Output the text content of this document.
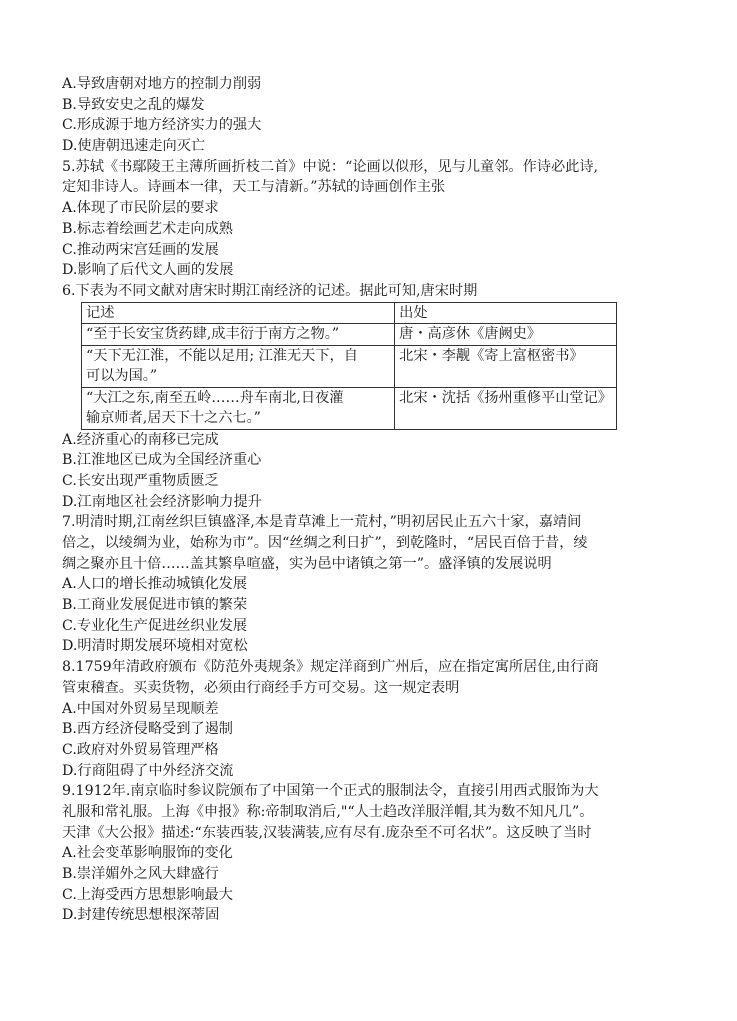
A.导致唐朝对地方的控制力削弱
B.导致安史之乱的爆发
C.形成源于地方经济实力的强大
D.使唐朝迅速走向灭亡
5.苏轼《书鄢陵王主薄所画折枝二首》中说：“论画以似形，见与儿童邻。作诗必此诗,
定知非诗人。诗画本一律，天工与清新。”苏轼的诗画创作主张
A.体现了市民阶层的要求
B.标志着绘画艺术走向成熟
C.推动两宋宫廷画的发展
D.影响了后代文人画的发展
6.下表为不同文献对唐宋时期江南经济的记述。据此可知,唐宋时期
记述	出处

“至于长安宝货药肆,成丰衍于南方之物。”	唐・高彦休《唐阙史》

“天下无江淮，不能以足用; 江淮无天下，自
可以为国。”	北宋・李觏《寄上富枢密书》

“大江之东,南至五岭……舟车南北,日夜灌
输京师者,居天下十之六七。”	北宋・沈括《扬州重修平山堂记》
A.经济重心的南移已完成
B.江淮地区已成为全国经济重心
C.长安出现严重物质匮乏
D.江南地区社会经济影响力提升
7.明清时期,江南丝织巨镇盛泽,本是青草滩上一荒村，”明初居民止五六十家，嘉靖间
倍之，以绫绸为业，始称为市”。因“丝绸之利日扩”，到乾隆时，“居民百倍于昔，绫
绸之聚亦且十倍……盖其繁阜喧盛，实为邑中诸镇之第一”。盛泽镇的发展说明
A.人口的增长推动城镇化发展
B.工商业发展促进市镇的繁荣
C.专业化生产促进丝织业发展
D.明清时期发展环境相对宽松
8.1759年清政府颁布《防范外夷规条》规定洋商到广州后，应在指定寓所居住,由行商
管束稽查。买卖货物，必须由行商经手方可交易。这一规定表明
A.中国对外贸易呈现顺差
B.西方经济侵略受到了遏制
C.政府对外贸易管理严格
D.行商阻碍了中外经济交流
9.1912年.南京临时参议院颁布了中国第一个正式的服制法令，直接引用西式服饰为大
礼服和常礼服。上海《申报》称:帝制取消后,"“人士趋改洋服洋帽,其为数不知凡几”。
天津《大公报》描述:“东装西装,汉装满装,应有尽有.庞杂至不可名状”。这反映了当时
A.社会变革影响服饰的变化
B.崇洋媚外之风大肆盛行
C.上海受西方思想影响最大
D.封建传统思想根深蒂固
